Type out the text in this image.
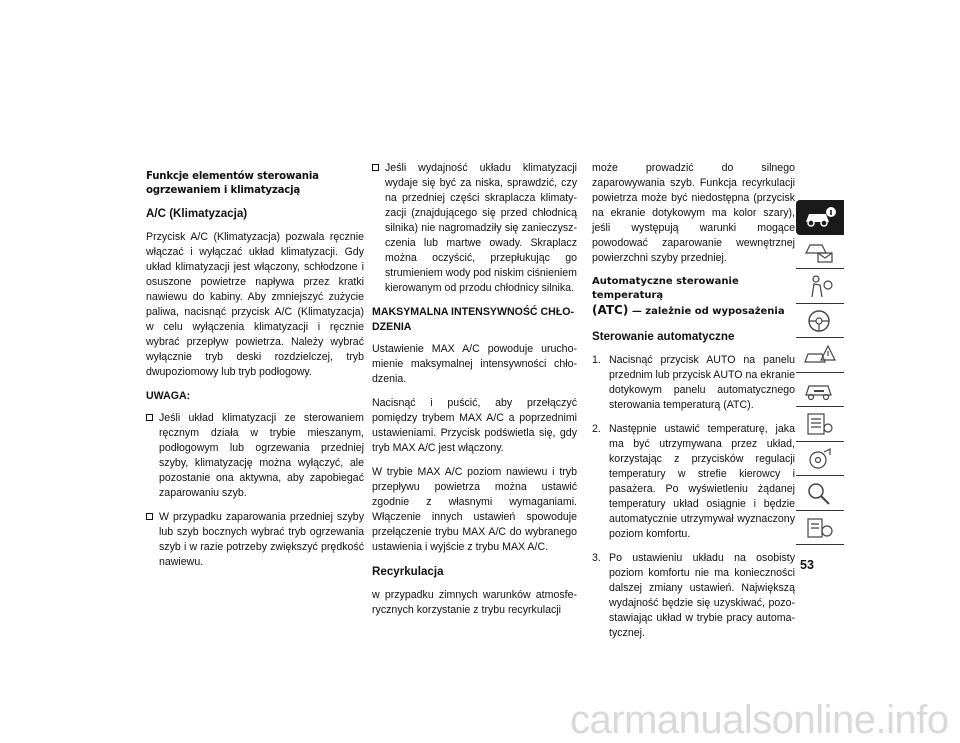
Funkcje elementów sterowania
ogrzewaniem i klimatyzacją
A/C (Klimatyzacja)

Przycisk A/C (Klimatyzacja) pozwala ręcznie włączać i wyłączać układ klimatyzacji. Gdy układ klimatyzacji jest włączony, schłodzone i osuszone powietrze napływa przez kratki nawiewu do kabiny. Aby zmniejszyć zużycie paliwa, nacisnąć przycisk A/C (Klimatyzacja) w celu wyłączenia klimatyzacji i ręcznie wybrać przepływ powietrza. Należy wybrać wyłącznie tryb deski rozdzielczej, tryb dwupoziomowy lub tryb podłogowy.

UWAGA:
Jeśli układ klimatyzacji ze sterowaniem ręcznym działa w trybie mieszanym, podłogowym lub ogrzewania przedniej szyby, klimatyzację można wyłączyć, ale pozostanie ona aktywna, aby zapobiegać zaparowaniu szyb.
W przypadku zaparowania przedniej szyby lub szyb bocznych wybrać tryb ogrzewania szyb i w razie potrzeby zwiększyć prędkość nawiewu.
Jeśli wydajność układu klimatyzacji wydaje się być za niska, sprawdzić, czy na przedniej części skraplacza klimatyzacji (znajdującego się przed chłodnicą silnika) nie nagromadziły się zanieczyszczenia lub martwe owady. Skraplacz można oczyścić, przepłukując go strumieniem wody pod niskim ciśnieniem kierowanym od przodu chłodnicy silnika.
MAKSYMALNA INTENSYWNOŚĆ CHŁODZENIA

Ustawienie MAX A/C powoduje uruchomienie maksymalnej intensywności chłodzenia.

Nacisnąć i puścić, aby przełączyć pomiędzy trybem MAX A/C a poprzednimi ustawieniami. Przycisk podświetla się, gdy tryb MAX A/C jest włączony.

W trybie MAX A/C poziom nawiewu i tryb przepływu powietrza można ustawić zgodnie z własnymi wymaganiami. Włączenie innych ustawień spowoduje przełączenie trybu MAX A/C do wybranego ustawienia i wyjście z trybu MAX A/C.

Recyrkulacja

w przypadku zimnych warunków atmosferycznych korzystanie z trybu recyrkulacji

może prowadzić do silnego zaparowywania szyb. Funkcja recyrkulacji powietrza może być niedostępna (przycisk na ekranie dotykowym ma kolor szary), jeśli występują warunki mogące powodować zaparowanie wewnętrznej powierzchni szyby przedniej.

Automatyczne sterowanie temperaturą
(ATC) — zależnie od wyposażenia
Sterowanie automatyczne
1. Nacisnąć przycisk AUTO na panelu przednim lub przycisk AUTO na ekranie dotykowym panelu automatycznego sterowania temperaturą (ATC).
2. Następnie ustawić temperaturę, jaka ma być utrzymywana przez układ, korzystając z przycisków regulacji temperatury w strefie kierowcy i pasażera. Po wyświetleniu żądanej temperatury układ osiągnie i będzie automatycznie utrzymywał wyznaczony poziom komfortu.
3. Po ustawieniu układu na osobisty poziom komfortu nie ma konieczności dalszej zmiany ustawień. Największą wydajność będzie się uzyskiwać, pozostawiając układ w trybie pracy automatycznej.
53
carmanualsonline.info
